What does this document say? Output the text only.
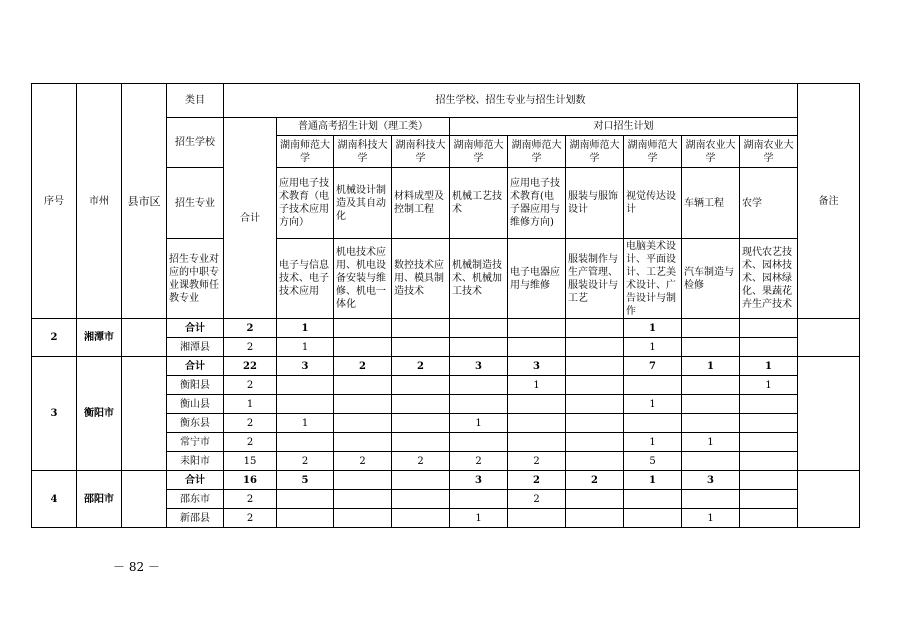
序号	市州	县市区	类目	招生学校、招生专业与招生计划数										备注
			招生学校	合计	普通高考招生计划（理工类）			对口招生计划						
					湖南师范大学	湖南科技大学	湖南科技大学	湖南师范大学	湖南师范大学	湖南师范大学	湖南师范大学	湖南农业大学	湖南农业大学	
			招生专业		应用电子技术教育（电子技术应用方向）	机械设计制造及其自动化	材料成型及控制工程	机械工艺技术	应用电子技术教育(电子器应用与维修方向)	服装与服饰设计	视觉传达设计	车辆工程	农学	
			招生专业对应的中职专业课教师任教专业		电子与信息技术、电子技术应用	机电技术应用、机电设备安装与维修、机电一体化	数控技术应用、模具制造技术	机械制造技术、机械加工技术	电子电器应用与维修	服装制作与生产管理、服装设计与工艺	电脑美术设计、平面设计、工艺美术设计、广告设计与制作	汽车制造与检修	现代农艺技术、园林技术、园林绿化、果蔬花卉生产技术	
2	湘潭市		合计	2	1						1			
			湘潭县	2	1						1			
3	衡阳市		合计	22	3	2	2	3	3		7	1	1	
			衡阳县	2					1				1	
			衡山县	1							1			
			衡东县	2	1			1						
			常宁市	2							1	1		
			耒阳市	15	2	2	2	2	2		5			
4	邵阳市		合计	16	5			3	2	2	1	3		
			邵东市	2					2					
			新邵县	2				1				1		
－ 82 －
